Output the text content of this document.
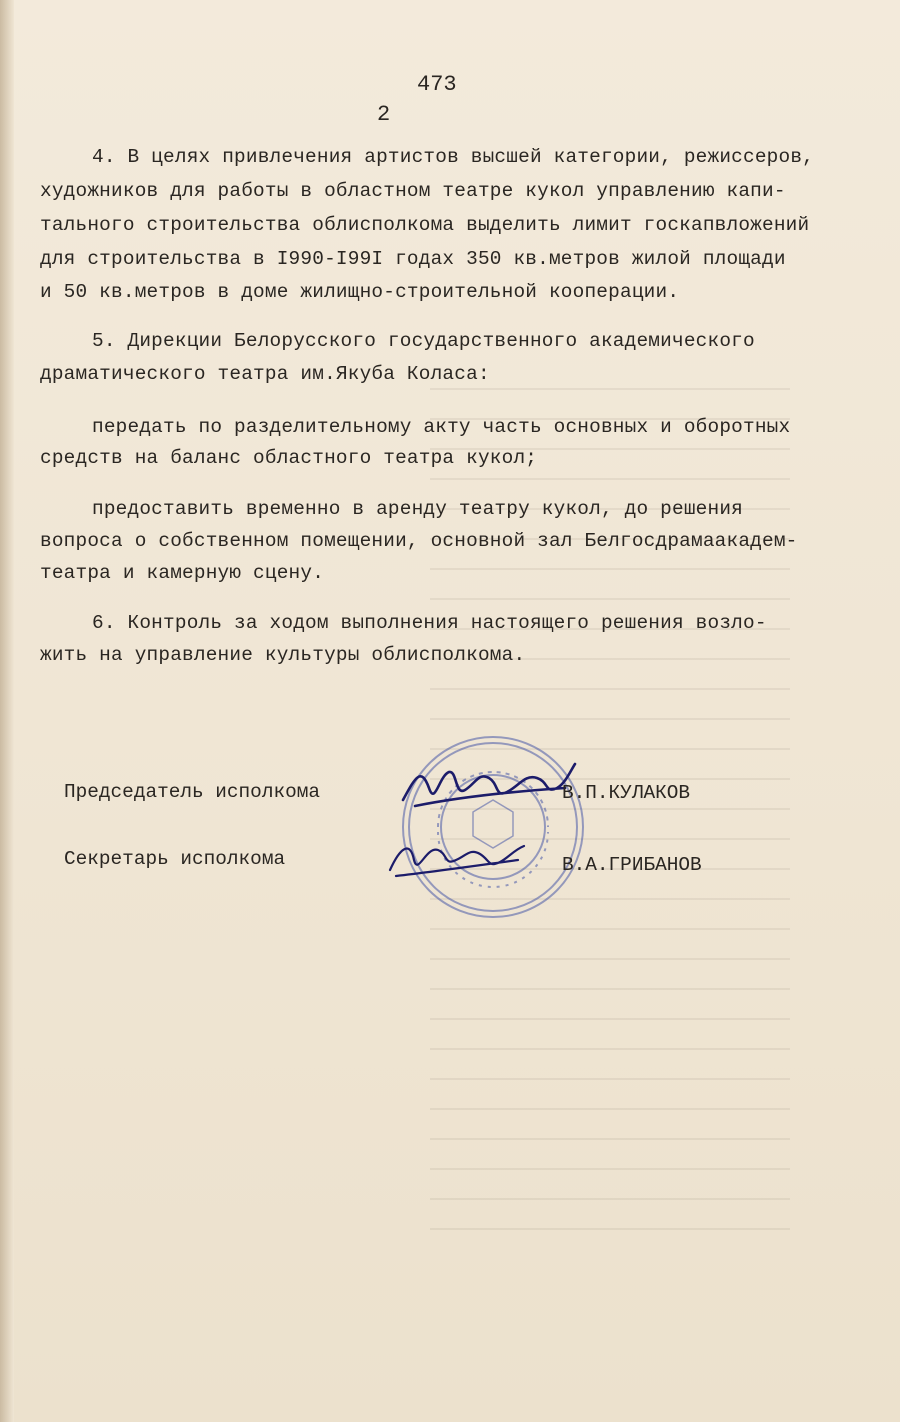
473
2
4. В целях привлечения артистов высшей категории, режиссеров,
художников для работы в областном театре кукол управлению капи-
тального строительства облисполкома выделить лимит госкапвложений
для строительства в I990-I99I годах 350 кв.метров жилой площади
и 50 кв.метров в доме жилищно-строительной кооперации.
5. Дирекции Белорусского государственного академического
драматического театра им.Якуба Коласа:
передать по разделительному акту часть основных и оборотных
средств на баланс областного театра кукол;
предоставить временно в аренду театру кукол, до решения
вопроса о собственном помещении, основной зал Белгосдрамаакадем-
театра и камерную сцену.
6. Контроль за ходом выполнения настоящего решения возло-
жить на управление культуры облисполкома.
Председатель исполкома	В.П.КУЛАКОВ
Секретарь исполкома	В.А.ГРИБАНОВ
